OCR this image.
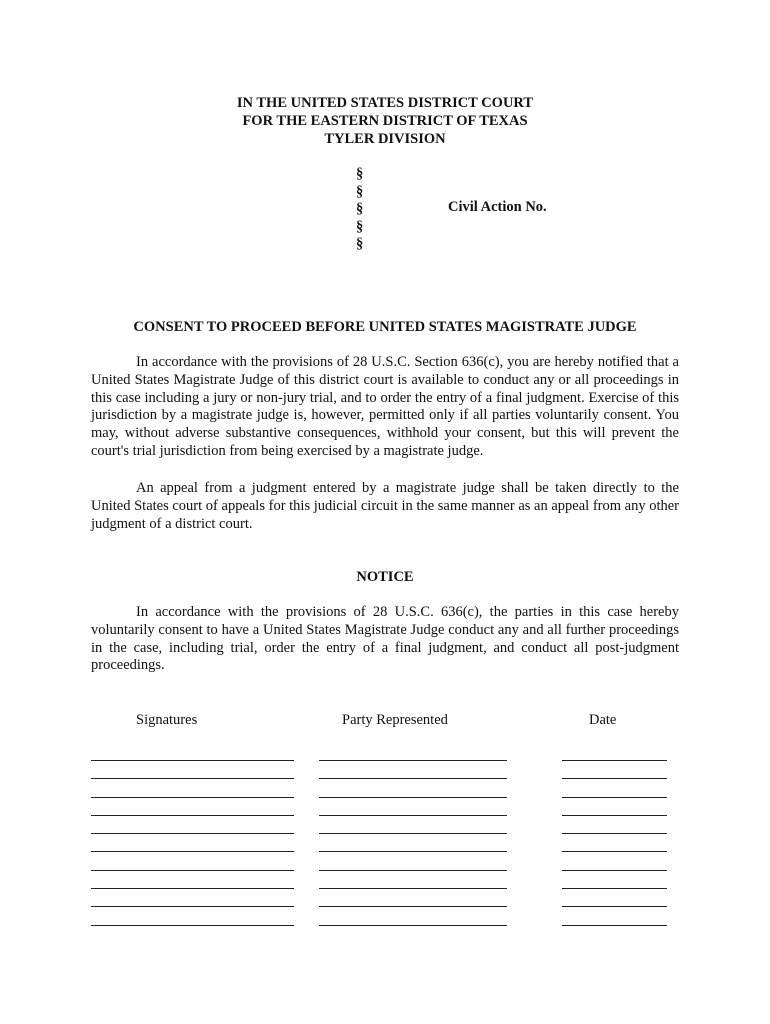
IN THE UNITED STATES DISTRICT COURT
FOR THE EASTERN DISTRICT OF TEXAS
TYLER DIVISION
§
§
§
§
§
Civil Action No.
CONSENT TO PROCEED BEFORE UNITED STATES MAGISTRATE JUDGE
In accordance with the provisions of 28 U.S.C. Section 636(c), you are hereby notified that a United States Magistrate Judge of this district court is available to conduct any or all proceedings in this case including a jury or non-jury trial, and to order the entry of a final judgment. Exercise of this jurisdiction by a magistrate judge is, however, permitted only if all parties voluntarily consent. You may, without adverse substantive consequences, withhold your consent, but this will prevent the court's trial jurisdiction from being exercised by a magistrate judge.
An appeal from a judgment entered by a magistrate judge shall be taken directly to the United States court of appeals for this judicial circuit in the same manner as an appeal from any other judgment of a district court.
NOTICE
In accordance with the provisions of 28 U.S.C. 636(c), the parties in this case hereby voluntarily consent to have a United States Magistrate Judge conduct any and all further proceedings in the case, including trial, order the entry of a final judgment, and conduct all post-judgment proceedings.
Signatures	Party Represented	Date
